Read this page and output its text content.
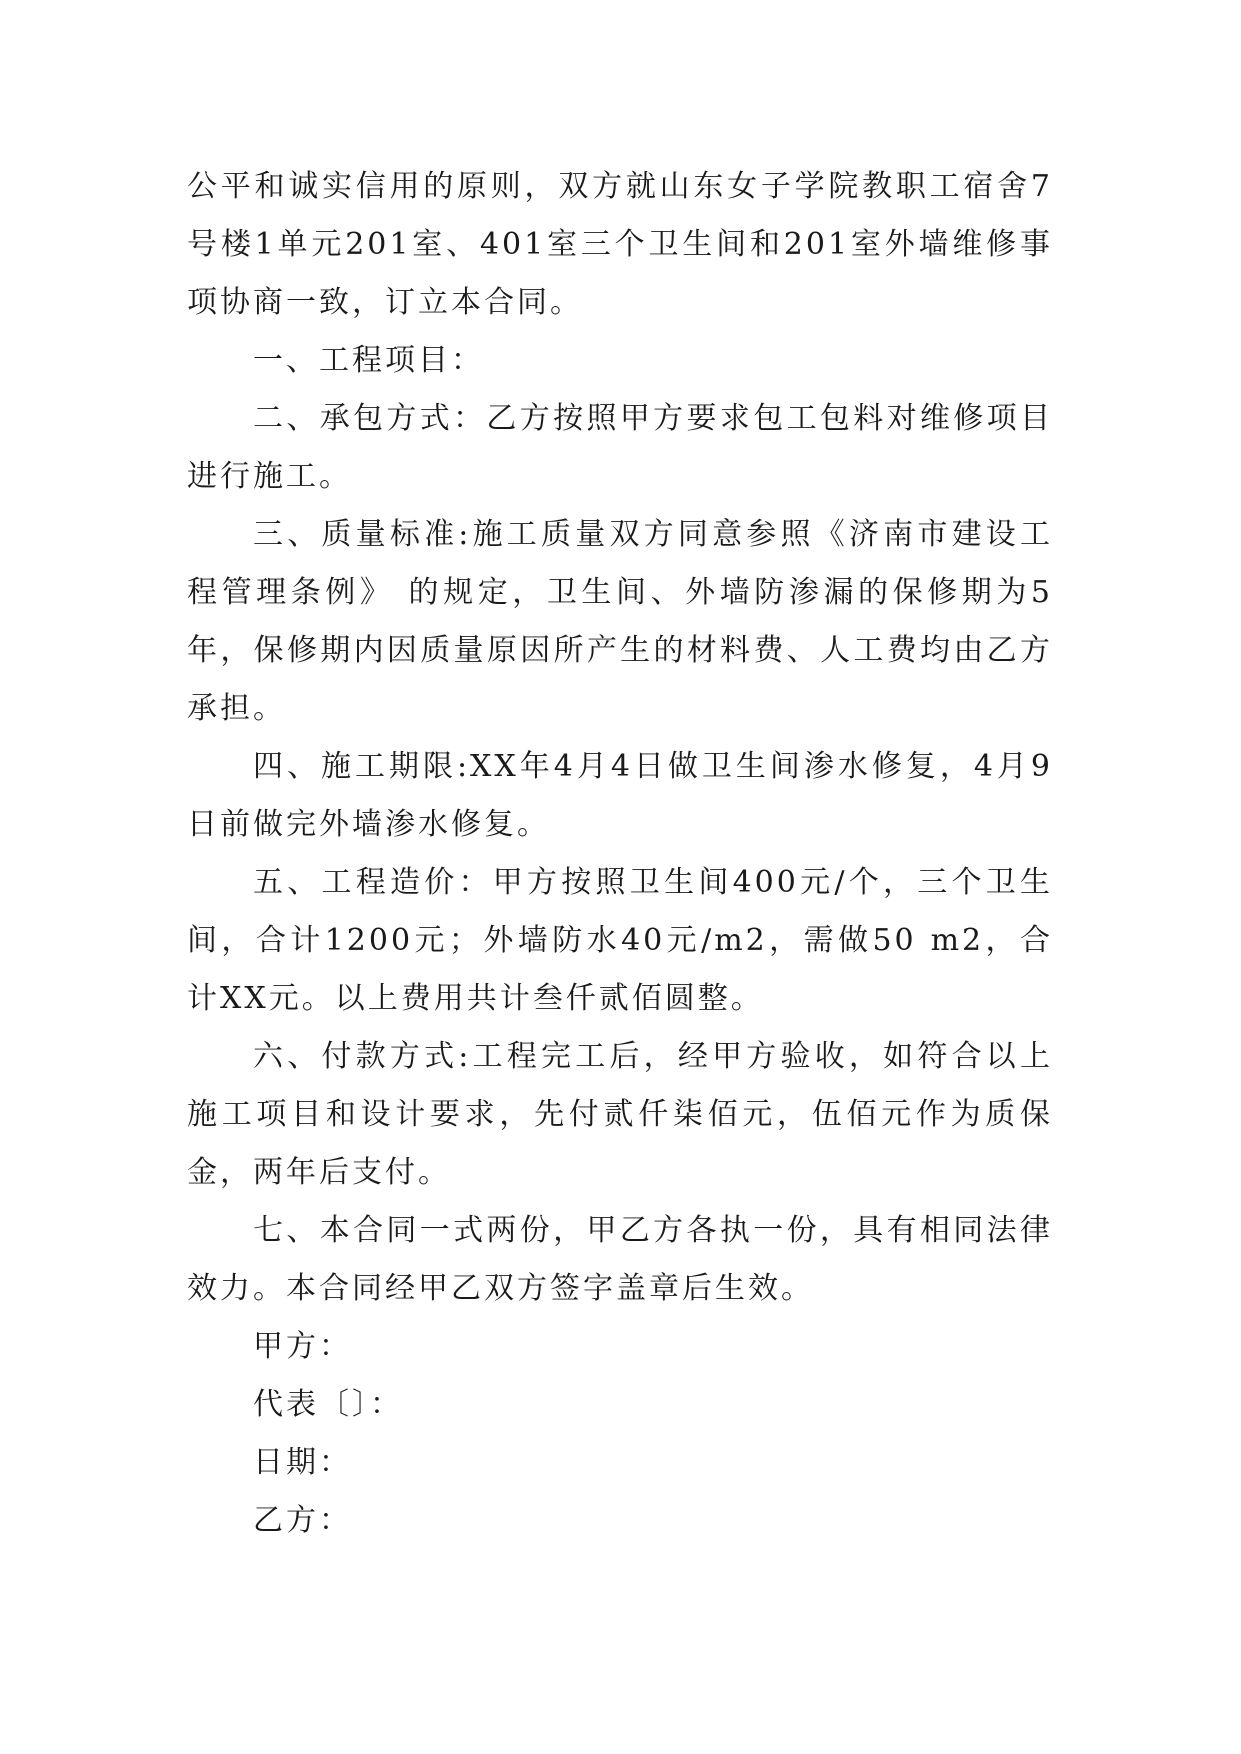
公平和诚实信用的原则，双方就山东女子学院教职工宿舍7号楼1单元201室、401室三个卫生间和201室外墙维修事项协商一致，订立本合同。

一、工程项目：

二、承包方式：乙方按照甲方要求包工包料对维修项目进行施工。

三、质量标准:施工质量双方同意参照《济南市建设工程管理条例》 的规定，卫生间、外墙防渗漏的保修期为5年，保修期内因质量原因所产生的材料费、人工费均由乙方承担。

四、施工期限:XX年4月4日做卫生间渗水修复，4月9日前做完外墙渗水修复。

五、工程造价：甲方按照卫生间400元/个，三个卫生间，合计1200元；外墙防水40元/m2，需做50 m2，合计XX元。以上费用共计叁仟贰佰圆整。

六、付款方式:工程完工后，经甲方验收，如符合以上施工项目和设计要求，先付贰仟柒佰元，伍佰元作为质保金，两年后支付。

七、本合同一式两份，甲乙方各执一份，具有相同法律效力。本合同经甲乙双方签字盖章后生效。

甲方：

代表〔〕：

日期：

乙方：
